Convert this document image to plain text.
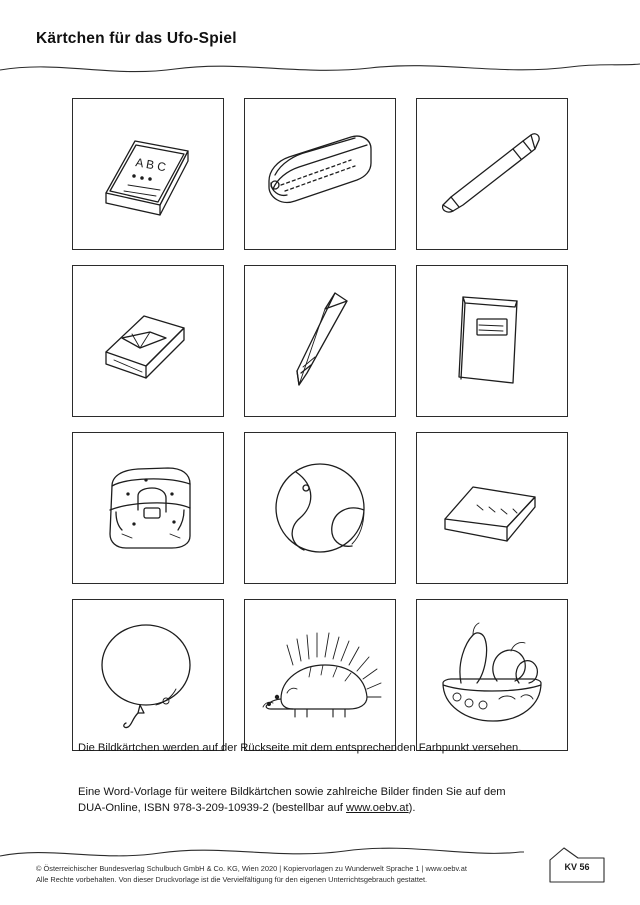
Kärtchen für das Ufo-Spiel
A B C
Die Bildkärtchen werden auf der Rückseite mit dem entsprechenden Farbpunkt versehen.
Eine Word-Vorlage für weitere Bildkärtchen sowie zahlreiche Bilder finden Sie auf dem
DUA-Online, ISBN 978-3-209-10939-2 (bestellbar auf www.oebv.at).
© Österreichischer Bundesverlag Schulbuch GmbH & Co. KG, Wien 2020 | Kopiervorlagen zu Wunderwelt Sprache 1 | www.oebv.at
Alle Rechte vorbehalten. Von dieser Druckvorlage ist die Vervielfältigung für den eigenen Unterrichtsgebrauch gestattet.
KV 56
